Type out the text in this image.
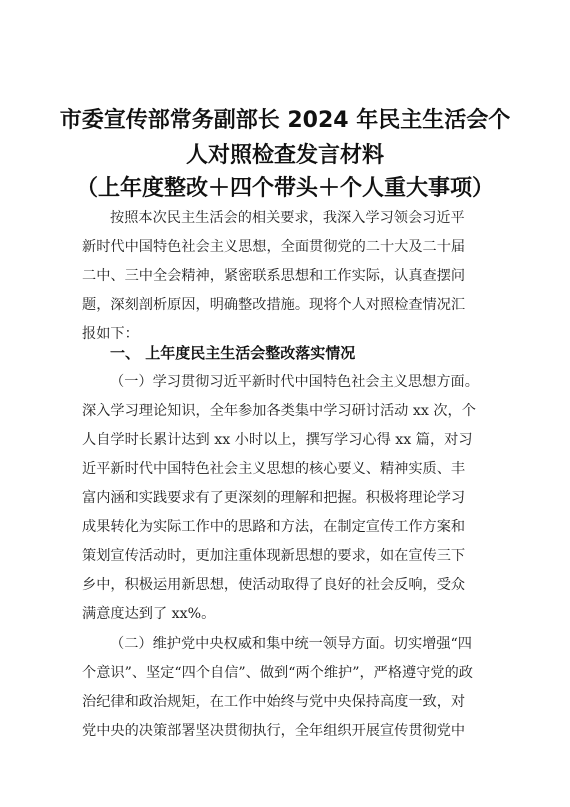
市委宣传部常务副部长 2024 年民主生活会个
人对照检查发言材料
（上年度整改＋四个带头＋个人重大事项）
按照本次民主生活会的相关要求，我深入学习领会习近平
新时代中国特色社会主义思想，全面贯彻党的二十大及二十届
二中、三中全会精神，紧密联系思想和工作实际，认真查摆问
题，深刻剖析原因，明确整改措施。现将个人对照检查情况汇
报如下：
一、 上年度民主生活会整改落实情况
（一）学习贯彻习近平新时代中国特色社会主义思想方面。
深入学习理论知识，全年参加各类集中学习研讨活动 xx 次，个
人自学时长累计达到 xx 小时以上，撰写学习心得 xx 篇，对习
近平新时代中国特色社会主义思想的核心要义、精神实质、丰
富内涵和实践要求有了更深刻的理解和把握。积极将理论学习
成果转化为实际工作中的思路和方法，在制定宣传工作方案和
策划宣传活动时，更加注重体现新思想的要求，如在宣传三下
乡中，积极运用新思想，使活动取得了良好的社会反响，受众
满意度达到了 xx%。
（二）维护党中央权威和集中统一领导方面。切实增强“四
个意识”、坚定“四个自信”、做到“两个维护”，严格遵守党的政
治纪律和政治规矩，在工作中始终与党中央保持高度一致，对
党中央的决策部署坚决贯彻执行，全年组织开展宣传贯彻党中
